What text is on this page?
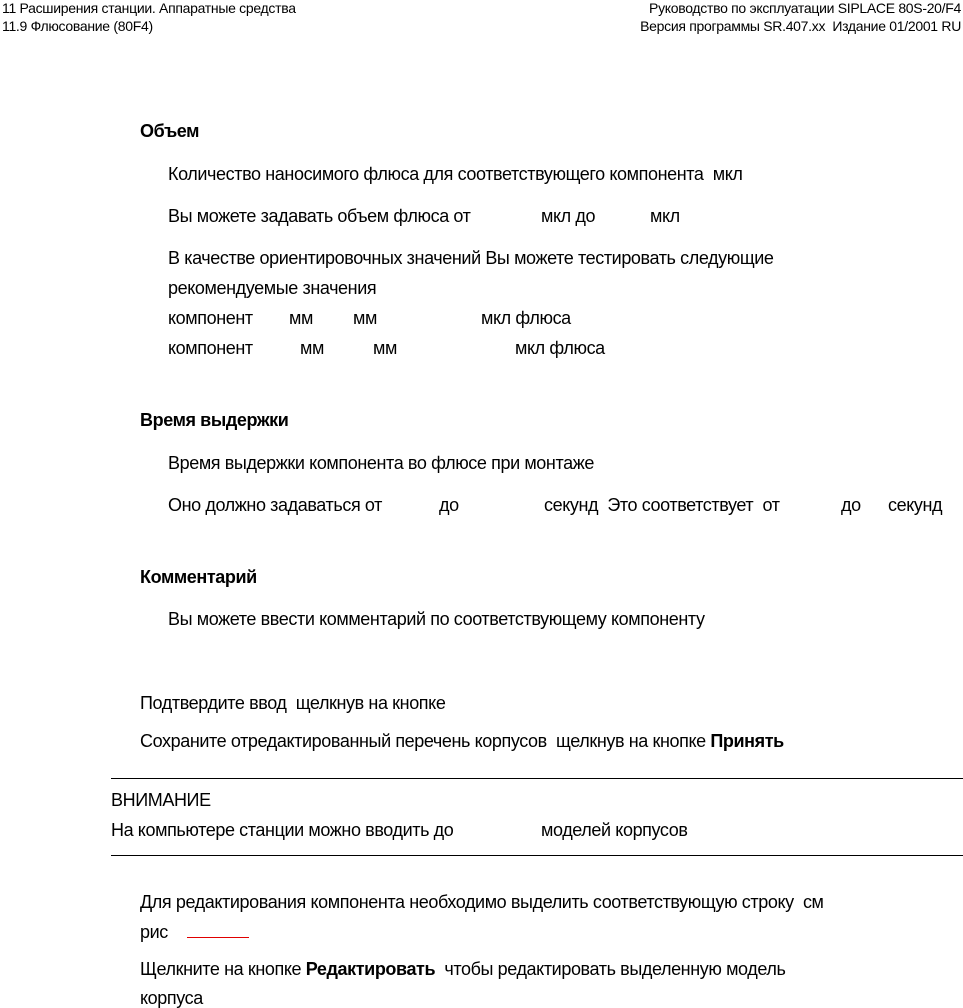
11 Расширения станции. Аппаратные средства
11.9 Флюсование (80F4)
Руководство по эксплуатации SIPLACE 80S-20/F4
Версия программы SR.407.xx  Издание 01/2001 RU
Объем
Количество наносимого флюса для соответствующего компонента  мкл
Вы можете задавать объем флюса от	мкл до	мкл
В качестве ориентировочных значений Вы можете тестировать следующие
рекомендуемые значения
компонент мм мм	мкл флюса
компонент	мм	мм	мкл флюса
Время выдержки
Время выдержки компонента во флюсе при монтаже
Оно должно задаваться от	до	секунд  Это соответствует  от	до секунд
Комментарий
Вы можете ввести комментарий по соответствующему компоненту
Подтвердите ввод  щелкнув на кнопке
Сохраните отредактированный перечень корпусов  щелкнув на кнопке Принять
ВНИМАНИЕ
На компьютере станции можно вводить до	моделей корпусов
Для редактирования компонента необходимо выделить соответствующую строку  см
рис
Щелкните на кнопке Редактировать  чтобы редактировать выделенную модель
корпуса
